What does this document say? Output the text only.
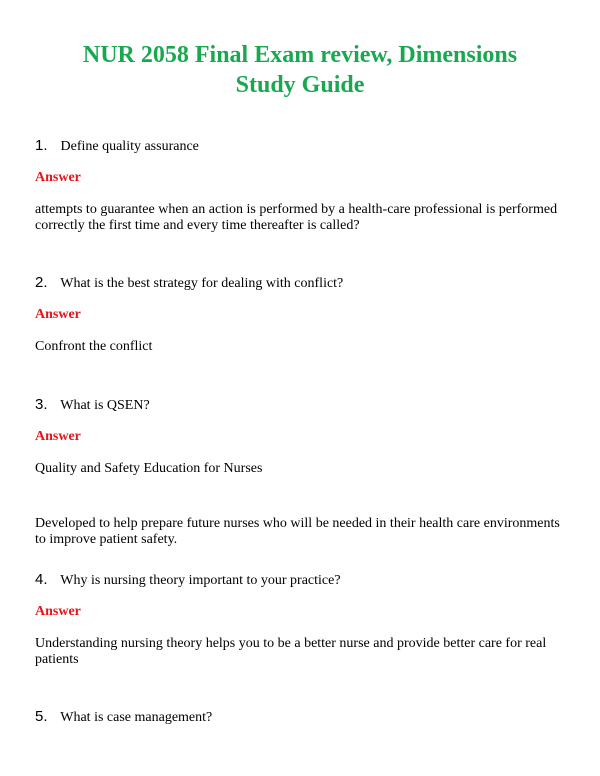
NUR 2058 Final Exam review, Dimensions
Study Guide
1. Define quality assurance
Answer
attempts to guarantee when an action is performed by a health-care professional is performed correctly the first time and every time thereafter is called?
2. What is the best strategy for dealing with conflict?
Answer
Confront the conflict
3. What is QSEN?
Answer
Quality and Safety Education for Nurses
Developed to help prepare future nurses who will be needed in their health care environments to improve patient safety.
4. Why is nursing theory important to your practice?
Answer
Understanding nursing theory helps you to be a better nurse and provide better care for real patients
5. What is case management?
